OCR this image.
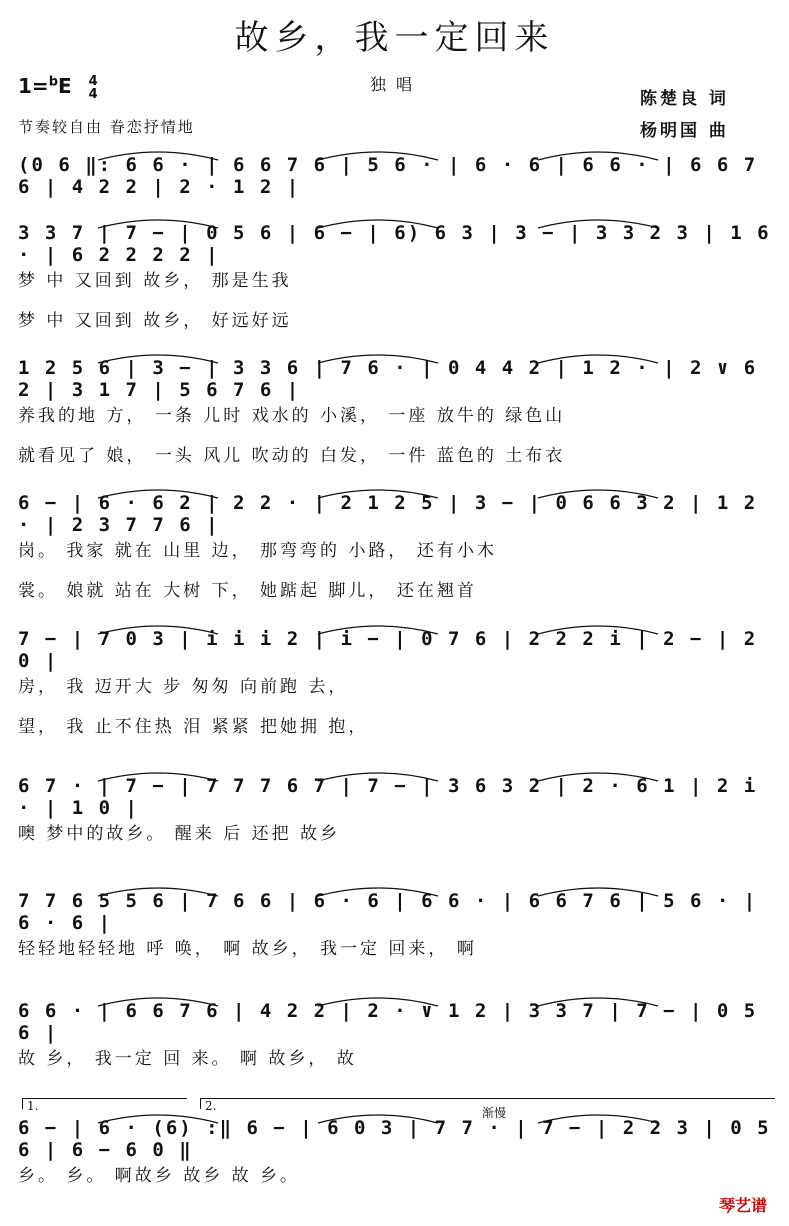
故乡，我一定回来
1=$^b$E 4
4	独唱
节奏较自由 眷恋抒情地
陈楚良 词
杨明国 曲
(0 6 ‖: 6 6 · | 6 6 7 6 | 5 6 · | 6 · 6 | 6 6 · | 6 6 7 6 | 4 2 2 | 2 · 1 2 |
3 3 7 | 7 − | 0 5 6 | 6 − | 6) 6 3 | 3 − | 3 3 2 3 | 1 6 · | 6 2 2 2 2 |
梦 中 又回到 故乡， 那是生我
梦 中 又回到 故乡， 好远好远
1 2 5 6 | 3 − | 3 3 6 | 7 6 · | 0 4 4 2 | 1 2 · | 2 ∨ 6 2 | 3 1 7 | 5 6 7 6 |
养我的地 方， 一条 儿时 戏水的 小溪， 一座 放牛的 绿色山
就看见了 娘， 一头 风儿 吹动的 白发， 一件 蓝色的 土布衣
6 − | 6 · 6 2 | 2 2 · | 2 1 2 5 | 3 − | 0 6 6 3 2 | 1 2 · | 2 3 7 7 6 |
岗。 我家 就在 山里 边， 那弯弯的 小路， 还有小木
裳。 娘就 站在 大树 下， 她踮起 脚儿， 还在翘首
7 − | 7 0 3 | i i i 2 | i − | 0 7 6 | 2 2 2 i | 2 − | 2 0 |
房， 我 迈开大 步 匆匆 向前跑 去，
望， 我 止不住热 泪 紧紧 把她拥 抱，
6 7 · | 7 − | 7 7 7 6 7 | 7 − | 3 6 3 2 | 2 · 6 1 | 2 i · | 1 0 |
噢 梦中的故乡。 醒来 后 还把 故乡
7 7 6 5 5 6 | 7 6 6 | 6 · 6 | 6 6 · | 6 6 7 6 | 5 6 · | 6 · 6 |
轻轻地轻轻地 呼 唤， 啊 故乡， 我一定 回来， 啊
6 6 · | 6 6 7 6 | 4 2 2 | 2 · ∨ 1 2 | 3 3 7 | 7 − | 0 5 6 |
故 乡， 我一定 回 来。 啊 故乡， 故
6 − | 6 · (6) :‖ 6 − | 6 0 3 | 7 7 · | 7 − | 2 2 3 | 0 5 6 | 6 − 6 0 ‖
乡。 乡。 啊故乡 故乡 故 乡。
琴艺谱
1.	2.	渐慢
